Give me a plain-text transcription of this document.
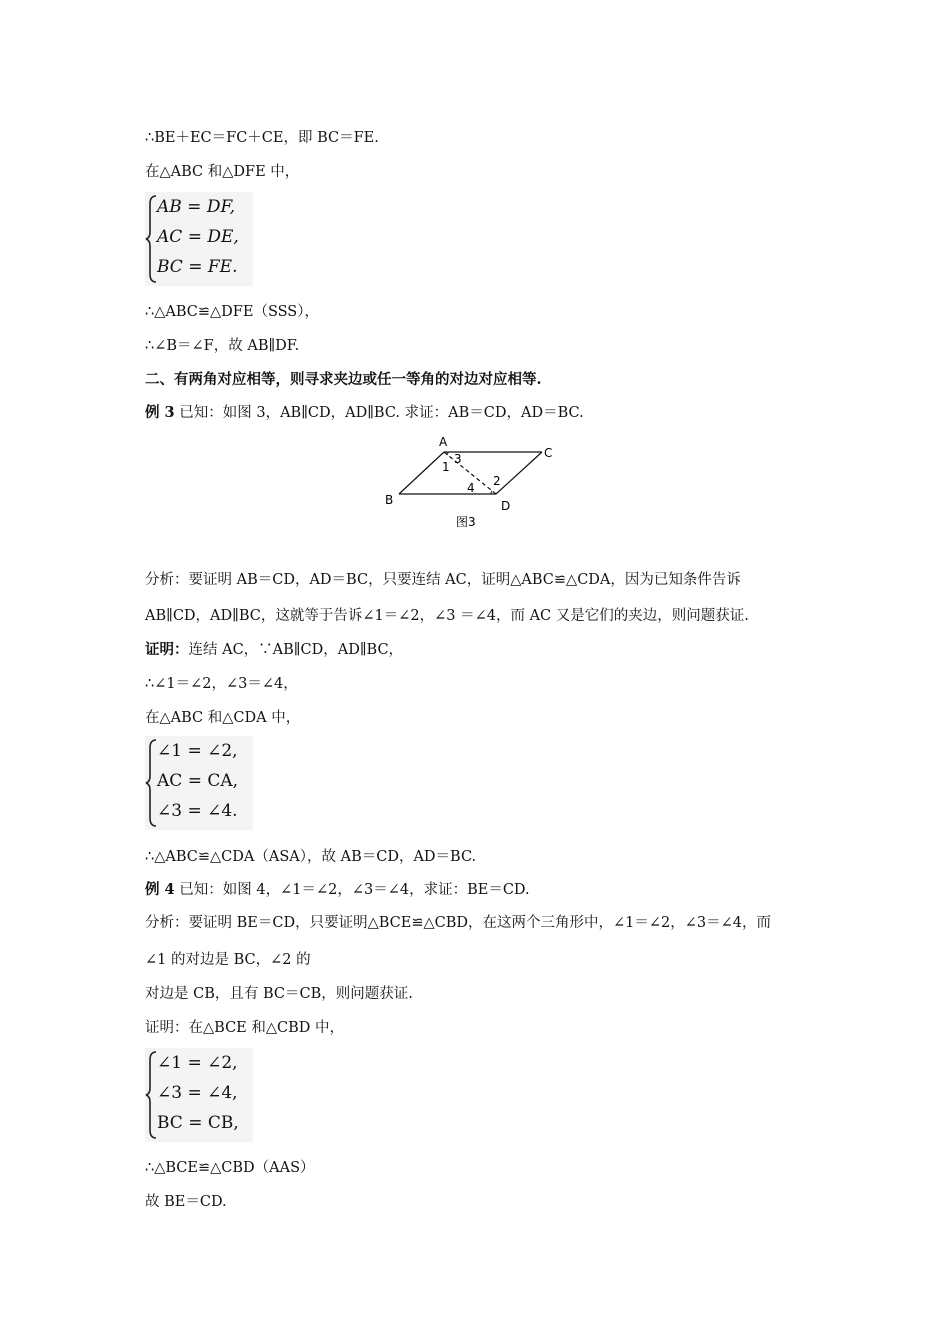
∴BE＋EC＝FC＋CE，即 BC＝FE.
在△ABC 和△DFE 中，
AB = DF,
AC = DE,
BC = FE.
∴△ABC≌△DFE（SSS），
∴∠B＝∠F，故 AB∥DF.
二、有两角对应相等，则寻求夹边或任一等角的对边对应相等.
例 3 已知：如图 3，AB∥CD，AD∥BC. 求证：AB＝CD，AD＝BC.
分析：要证明 AB＝CD，AD＝BC，只要连结 AC，证明△ABC≌△CDA，因为已知条件告诉
AB∥CD，AD∥BC，这就等于告诉∠1＝∠2，∠3 ＝∠4，而 AC 又是它们的夹边，则问题获证.
证明：连结 AC，∵AB∥CD，AD∥BC，
∴∠1＝∠2，∠3＝∠4，
在△ABC 和△CDA 中，
∠1 = ∠2,
AC = CA,
∠3 = ∠4.
∴△ABC≌△CDA（ASA），故 AB＝CD，AD＝BC.
例 4 已知：如图 4，∠1＝∠2，∠3＝∠4，求证：BE＝CD.
分析：要证明 BE＝CD，只要证明△BCE≌△CBD，在这两个三角形中，∠1＝∠2，∠3＝∠4，而
∠1 的对边是 BC，∠2 的
对边是 CB，且有 BC＝CB，则问题获证.
证明：在△BCE 和△CBD 中，
∠1 = ∠2,
∠3 = ∠4,
BC = CB,
∴△BCE≌△CBD（AAS）
故 BE＝CD.
A
B
C
D
1
2
3
4
图3
